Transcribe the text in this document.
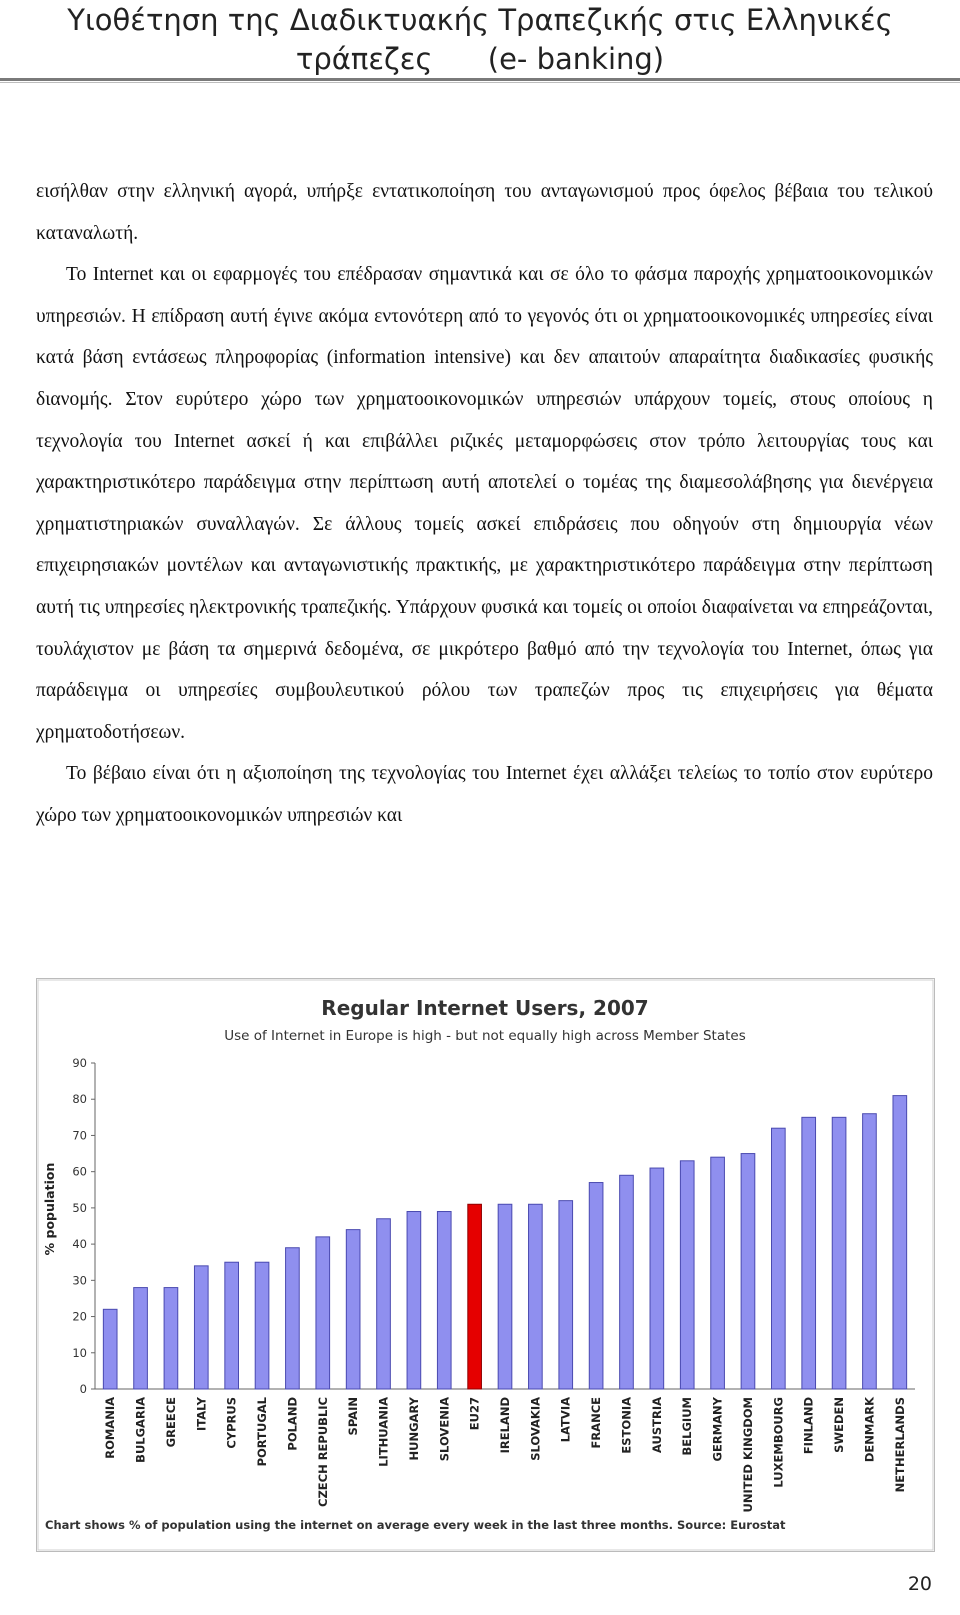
Υιοθέτηση της Διαδικτυακής Τραπεζικής στις Ελληνικές
τράπεζες      (e- banking)

εισήλθαν στην ελληνική αγορά, υπήρξε εντατικοποίηση του ανταγωνισμού προς όφελος βέβαια του τελικού καταναλωτή.

Το Internet και οι εφαρμογές του επέδρασαν σημαντικά και σε όλο το φάσμα παροχής χρηματοοικονομικών υπηρεσιών. Η επίδραση αυτή έγινε ακόμα εντονότερη από το γεγονός ότι οι χρηματοοικονομικές υπηρεσίες είναι κατά βάση εντάσεως πληροφορίας (information intensive) και δεν απαιτούν απαραίτητα διαδικασίες φυσικής διανομής. Στον ευρύτερο χώρο των χρηματοοικονομικών υπηρεσιών υπάρχουν τομείς, στους οποίους η τεχνολογία του Internet ασκεί ή και επιβάλλει ριζικές μεταμορφώσεις στον τρόπο λειτουργίας τους και χαρακτηριστικότερο παράδειγμα στην περίπτωση αυτή αποτελεί ο τομέας της διαμεσολάβησης για διενέργεια χρηματιστηριακών συναλλαγών. Σε άλλους τομείς ασκεί επιδράσεις που οδηγούν στη δημιουργία νέων επιχειρησιακών μοντέλων και ανταγωνιστικής πρακτικής, με χαρακτηριστικότερο παράδειγμα στην περίπτωση αυτή τις υπηρεσίες ηλεκτρονικής τραπεζικής. Υπάρχουν φυσικά και τομείς οι οποίοι διαφαίνεται να επηρεάζονται, τουλάχιστον με βάση τα σημερινά δεδομένα, σε μικρότερο βαθμό από την τεχνολογία του Internet, όπως για παράδειγμα οι υπηρεσίες συμβουλευτικού ρόλου των τραπεζών προς τις επιχειρήσεις για θέματα χρηματοδοτήσεων.

Το βέβαιο είναι ότι η αξιοποίηση της τεχνολογίας του Internet έχει αλλάξει τελείως το τοπίο στον ευρύτερο χώρο των χρηματοοικονομικών υπηρεσιών και

Regular Internet Users, 2007
Use of Internet in Europe is high - but not equally high across Member States
% population
0
10
20
30
40
50
60
70
80
90
ROMANIA BULGARIA GREECE ITALY CYPRUS PORTUGAL POLAND CZECH REPUBLIC SPAIN LITHUANIA HUNGARY SLOVENIA EU27 IRELAND SLOVAKIA LATVIA FRANCE ESTONIA AUSTRIA BELGIUM GERMANY UNITED KINGDOM LUXEMBOURG FINLAND SWEDEN DENMARK NETHERLANDS
Chart shows % of population using the internet on average every week in the last three months. Source: Eurostat
20
